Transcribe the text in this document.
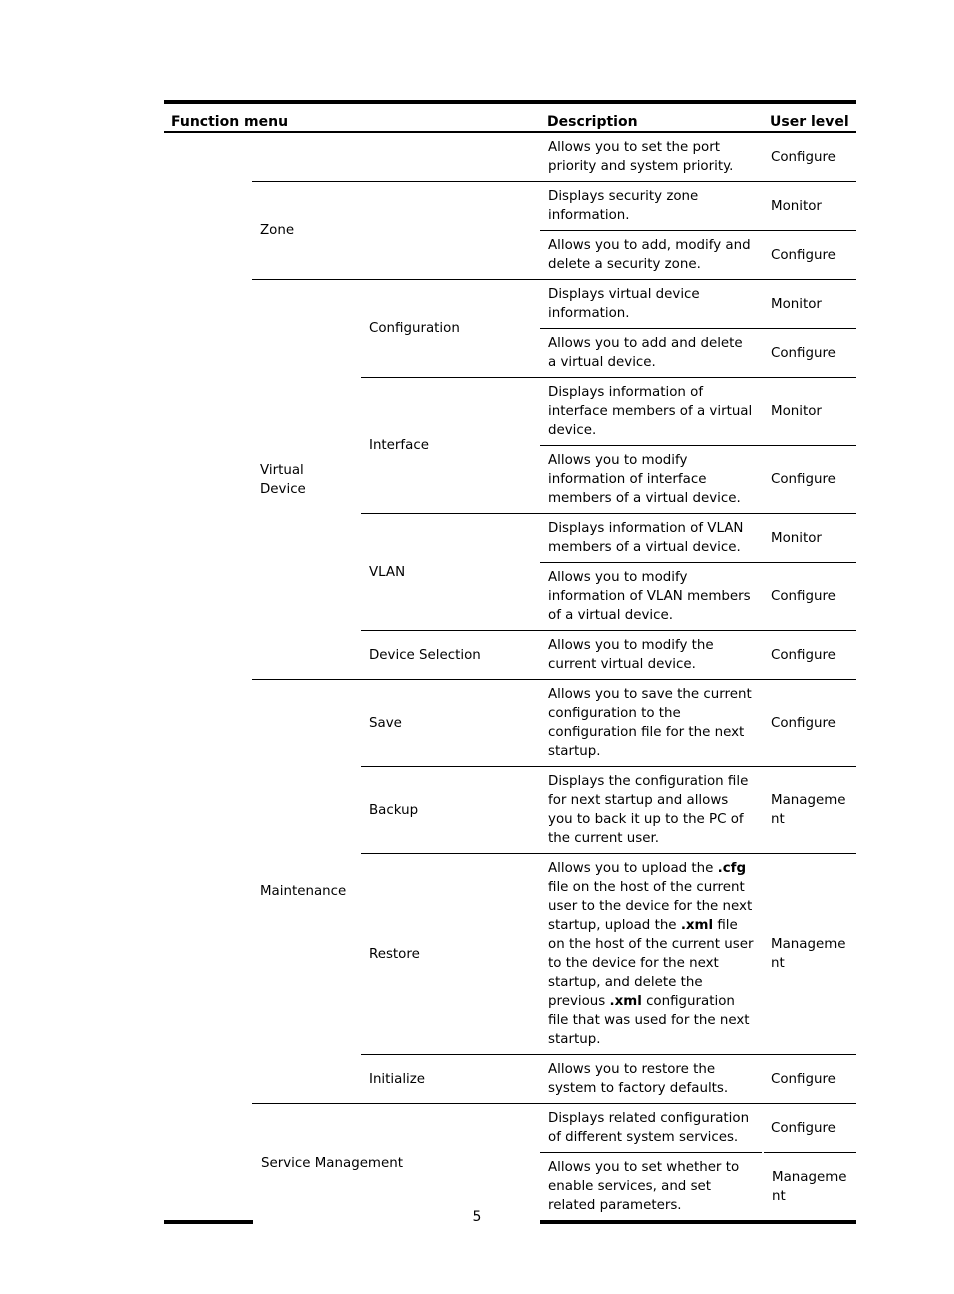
Function menu			Description	User level
			Allows you to set the port priority and system priority.	Configure
	Zone		Displays security zone information.	Monitor
			Allows you to add, modify and delete a security zone.	Configure
	Virtual Device	Configuration	Displays virtual device information.	Monitor
			Allows you to add and delete a virtual device.	Configure
		Interface	Displays information of interface members of a virtual device.	Monitor
			Allows you to modify information of interface members of a virtual device.	Configure
		VLAN	Displays information of VLAN members of a virtual device.	Monitor
			Allows you to modify information of VLAN members of a virtual device.	Configure
		Device Selection	Allows you to modify the current virtual device.	Configure
	Maintenance	Save	Allows you to save the current configuration to the configuration file for the next startup.	Configure
		Backup	Displays the configuration file for next startup and allows you to back it up to the PC of the current user.	Manageme
nt
		Restore	Allows you to upload the .cfg file on the host of the current user to the device for the next startup, upload the .xml file on the host of the current user to the device for the next startup, and delete the previous .xml configuration file that was used for the next startup.	Manageme
nt
		Initialize	Allows you to restore the system to factory defaults.	Configure
	Service Management		Displays related configuration of different system services.	Configure
			Allows you to set whether to enable services, and set related parameters.	Manageme
nt
5
